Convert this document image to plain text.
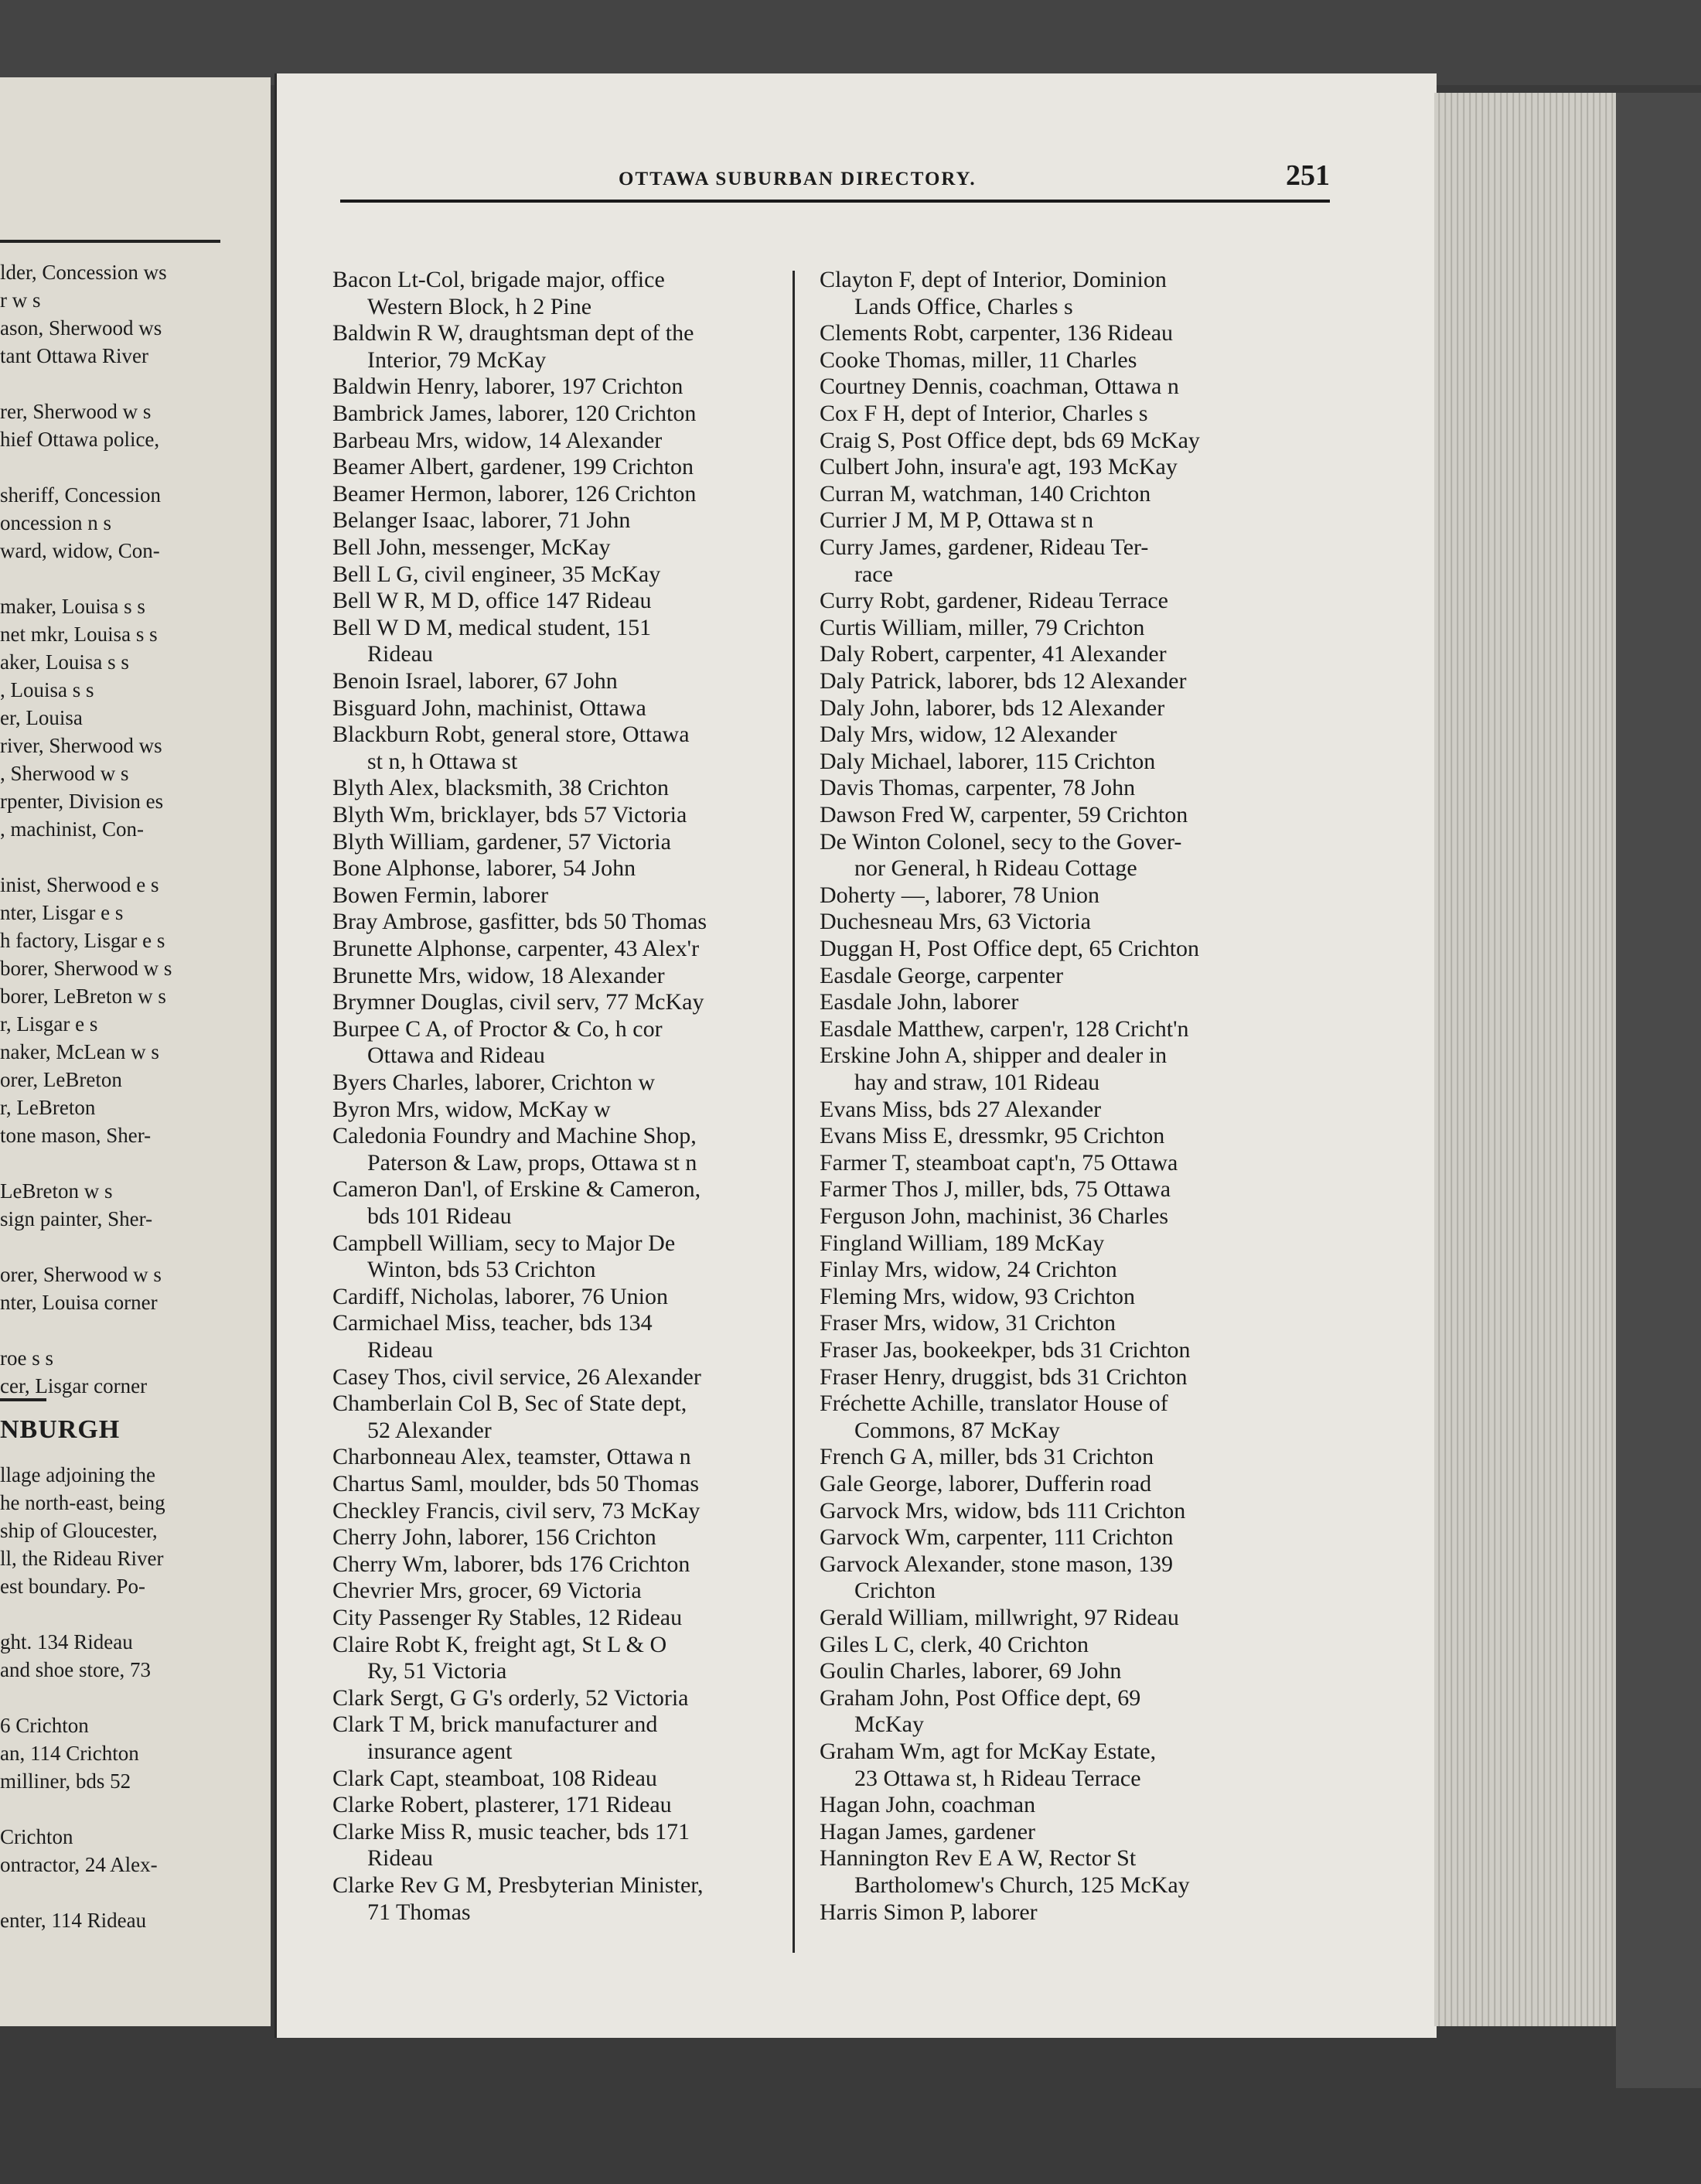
lder, Concession ws
r w s
ason, Sherwood ws
tant Ottawa River
rer, Sherwood w s
hief Ottawa police,
sheriff, Concession
oncession n s
ward, widow, Con-
maker, Louisa s s
net mkr, Louisa s s
aker, Louisa s s
, Louisa s s
er, Louisa
river, Sherwood ws
, Sherwood w s
rpenter, Division es
, machinist, Con-
inist, Sherwood e s
nter, Lisgar e s
h factory, Lisgar e s
borer, Sherwood w s
borer, LeBreton w s
r, Lisgar e s
naker, McLean w s
orer, LeBreton
r, LeBreton
tone mason, Sher-
LeBreton w s
sign painter, Sher-
orer, Sherwood w s
nter, Louisa corner
roe s s
cer, Lisgar corner
NBURGH
llage adjoining the
he north-east, being
ship of Gloucester,
ll, the Rideau River
est boundary. Po-
ght. 134 Rideau
and shoe store, 73
6 Crichton
an, 114 Crichton
milliner, bds 52
Crichton
ontractor, 24 Alex-
enter, 114 Rideau
OTTAWA SUBURBAN DIRECTORY.	251
Bacon Lt-Col, brigade major, office
Western Block, h 2 Pine
Baldwin R W, draughtsman dept of the
Interior, 79 McKay
Baldwin Henry, laborer, 197 Crichton
Bambrick James, laborer, 120 Crichton
Barbeau Mrs, widow, 14 Alexander
Beamer Albert, gardener, 199 Crichton
Beamer Hermon, laborer, 126 Crichton
Belanger Isaac, laborer, 71 John
Bell John, messenger, McKay
Bell L G, civil engineer, 35 McKay
Bell W R, M D, office 147 Rideau
Bell W D M, medical student, 151
Rideau
Benoin Israel, laborer, 67 John
Bisguard John, machinist, Ottawa
Blackburn Robt, general store, Ottawa
st n, h Ottawa st
Blyth Alex, blacksmith, 38 Crichton
Blyth Wm, bricklayer, bds 57 Victoria
Blyth William, gardener, 57 Victoria
Bone Alphonse, laborer, 54 John
Bowen Fermin, laborer
Bray Ambrose, gasfitter, bds 50 Thomas
Brunette Alphonse, carpenter, 43 Alex'r
Brunette Mrs, widow, 18 Alexander
Brymner Douglas, civil serv, 77 McKay
Burpee C A, of Proctor & Co, h cor
Ottawa and Rideau
Byers Charles, laborer, Crichton w
Byron Mrs, widow, McKay w
Caledonia Foundry and Machine Shop,
Paterson & Law, props, Ottawa st n
Cameron Dan'l, of Erskine & Cameron,
bds 101 Rideau
Campbell William, secy to Major De
Winton, bds 53 Crichton
Cardiff, Nicholas, laborer, 76 Union
Carmichael Miss, teacher, bds 134
Rideau
Casey Thos, civil service, 26 Alexander
Chamberlain Col B, Sec of State dept,
52 Alexander
Charbonneau Alex, teamster, Ottawa n
Chartus Saml, moulder, bds 50 Thomas
Checkley Francis, civil serv, 73 McKay
Cherry John, laborer, 156 Crichton
Cherry Wm, laborer, bds 176 Crichton
Chevrier Mrs, grocer, 69 Victoria
City Passenger Ry Stables, 12 Rideau
Claire Robt K, freight agt, St L & O
Ry, 51 Victoria
Clark Sergt, G G's orderly, 52 Victoria
Clark T M, brick manufacturer and
insurance agent
Clark Capt, steamboat, 108 Rideau
Clarke Robert, plasterer, 171 Rideau
Clarke Miss R, music teacher, bds 171
Rideau
Clarke Rev G M, Presbyterian Minister,
71 Thomas
Clayton F, dept of Interior, Dominion
Lands Office, Charles s
Clements Robt, carpenter, 136 Rideau
Cooke Thomas, miller, 11 Charles
Courtney Dennis, coachman, Ottawa n
Cox F H, dept of Interior, Charles s
Craig S, Post Office dept, bds 69 McKay
Culbert John, insura'e agt, 193 McKay
Curran M, watchman, 140 Crichton
Currier J M, M P, Ottawa st n
Curry James, gardener, Rideau Ter-
race
Curry Robt, gardener, Rideau Terrace
Curtis William, miller, 79 Crichton
Daly Robert, carpenter, 41 Alexander
Daly Patrick, laborer, bds 12 Alexander
Daly John, laborer, bds 12 Alexander
Daly Mrs, widow, 12 Alexander
Daly Michael, laborer, 115 Crichton
Davis Thomas, carpenter, 78 John
Dawson Fred W, carpenter, 59 Crichton
De Winton Colonel, secy to the Gover-
nor General, h Rideau Cottage
Doherty —, laborer, 78 Union
Duchesneau Mrs, 63 Victoria
Duggan H, Post Office dept, 65 Crichton
Easdale George, carpenter
Easdale John, laborer
Easdale Matthew, carpen'r, 128 Cricht'n
Erskine John A, shipper and dealer in
hay and straw, 101 Rideau
Evans Miss, bds 27 Alexander
Evans Miss E, dressmkr, 95 Crichton
Farmer T, steamboat capt'n, 75 Ottawa
Farmer Thos J, miller, bds, 75 Ottawa
Ferguson John, machinist, 36 Charles
Fingland William, 189 McKay
Finlay Mrs, widow, 24 Crichton
Fleming Mrs, widow, 93 Crichton
Fraser Mrs, widow, 31 Crichton
Fraser Jas, bookeekper, bds 31 Crichton
Fraser Henry, druggist, bds 31 Crichton
Fréchette Achille, translator House of
Commons, 87 McKay
French G A, miller, bds 31 Crichton
Gale George, laborer, Dufferin road
Garvock Mrs, widow, bds 111 Crichton
Garvock Wm, carpenter, 111 Crichton
Garvock Alexander, stone mason, 139
Crichton
Gerald William, millwright, 97 Rideau
Giles L C, clerk, 40 Crichton
Goulin Charles, laborer, 69 John
Graham John, Post Office dept, 69
McKay
Graham Wm, agt for McKay Estate,
23 Ottawa st, h Rideau Terrace
Hagan John, coachman
Hagan James, gardener
Hannington Rev E A W, Rector St
Bartholomew's Church, 125 McKay
Harris Simon P, laborer
